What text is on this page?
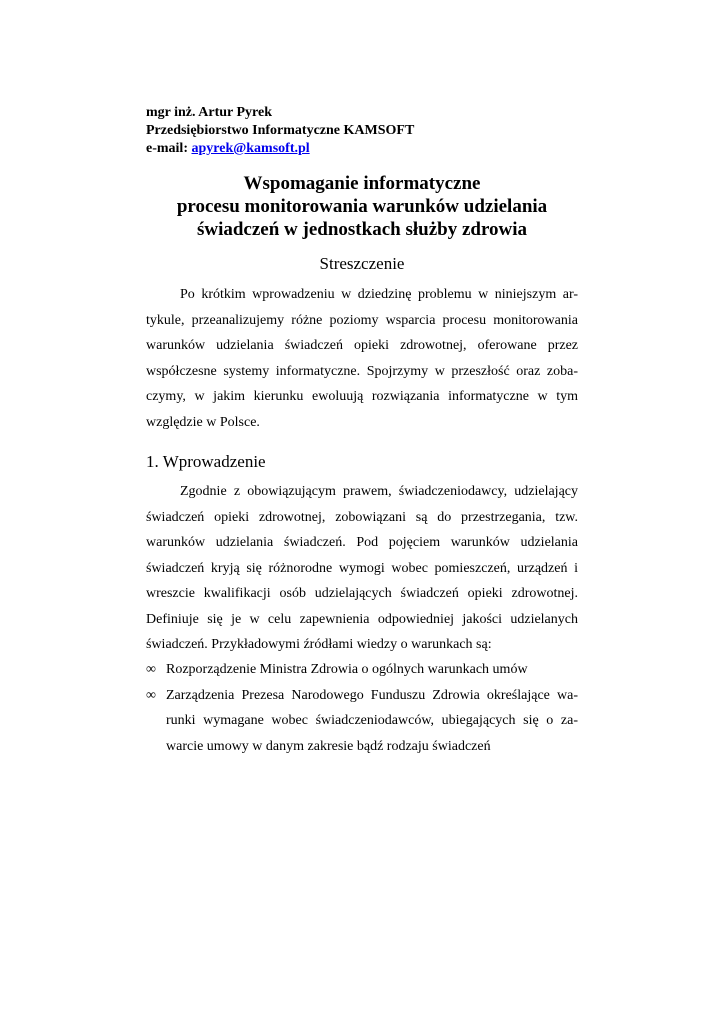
mgr inż. Artur Pyrek
Przedsiębiorstwo Informatyczne KAMSOFT
e-mail: apyrek@kamsoft.pl
Wspomaganie informatyczne
procesu monitorowania warunków udzielania
świadczeń w jednostkach służby zdrowia
Streszczenie
Po krótkim wprowadzeniu w dziedzinę problemu w niniejszym ar-
tykule, przeanalizujemy różne poziomy wsparcia procesu monitorowania
warunków udzielania świadczeń opieki zdrowotnej, oferowane przez
współczesne systemy informatyczne. Spojrzymy w przeszłość oraz zoba-
czymy, w jakim kierunku ewoluują rozwiązania informatyczne w tym
względzie w Polsce.
1. Wprowadzenie
Zgodnie z obowiązującym prawem, świadczeniodawcy, udzielający
świadczeń opieki zdrowotnej, zobowiązani są do przestrzegania, tzw.
warunków udzielania świadczeń. Pod pojęciem warunków udzielania
świadczeń kryją się różnorodne wymogi wobec pomieszczeń, urządzeń i
wreszcie kwalifikacji osób udzielających świadczeń opieki zdrowotnej.
Definiuje się je w celu zapewnienia odpowiedniej jakości udzielanych
świadczeń. Przykładowymi źródłami wiedzy o warunkach są:
∞ Rozporządzenie Ministra Zdrowia o ogólnych warunkach umów
∞ Zarządzenia Prezesa Narodowego Funduszu Zdrowia określające wa-
runki wymagane wobec świadczeniodawców, ubiegających się o za-
warcie umowy w danym zakresie bądź rodzaju świadczeń
